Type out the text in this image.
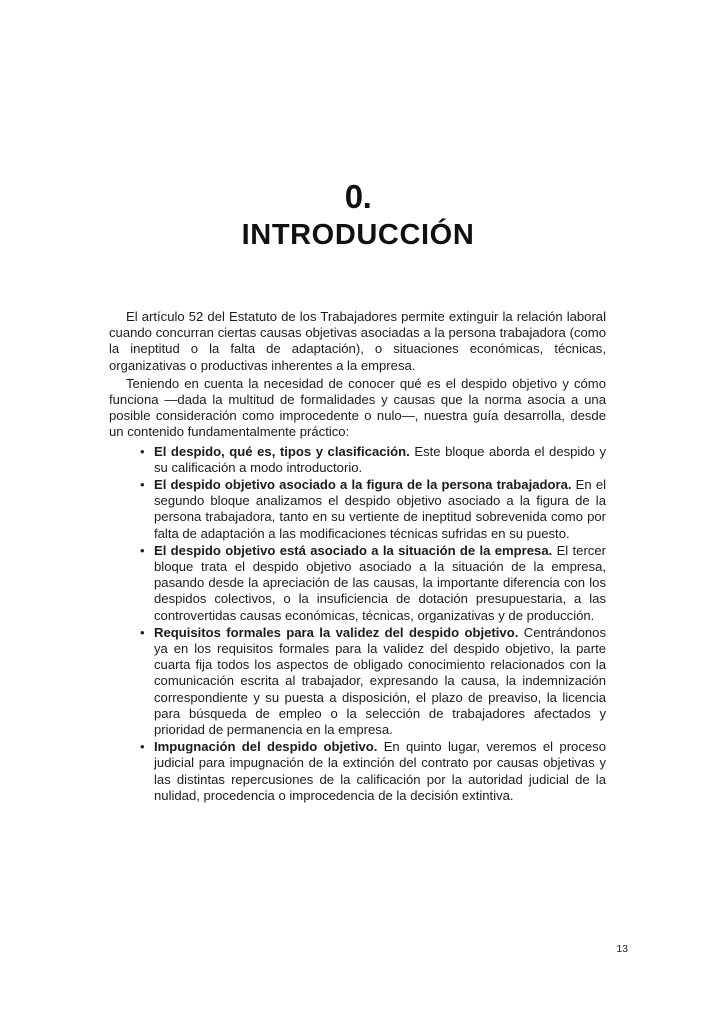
0.
INTRODUCCIÓN

El artículo 52 del Estatuto de los Trabajadores permite extinguir la relación laboral cuando concurran ciertas causas objetivas asociadas a la persona trabajadora (como la ineptitud o la falta de adaptación), o situaciones económicas, técnicas, organizativas o productivas inherentes a la empresa.

Teniendo en cuenta la necesidad de conocer qué es el despido objetivo y cómo funciona —dada la multitud de formalidades y causas que la norma asocia a una posible consideración como improcedente o nulo—, nuestra guía desarrolla, desde un contenido fundamentalmente práctico:

• El despido, qué es, tipos y clasificación. Este bloque aborda el despido y su calificación a modo introductorio.
• El despido objetivo asociado a la figura de la persona trabajadora. En el segundo bloque analizamos el despido objetivo asociado a la figura de la persona trabajadora, tanto en su vertiente de ineptitud sobrevenida como por falta de adaptación a las modificaciones técnicas sufridas en su puesto.
• El despido objetivo está asociado a la situación de la empresa. El tercer bloque trata el despido objetivo asociado a la situación de la empresa, pasando desde la apreciación de las causas, la importante diferencia con los despidos colectivos, o la insuficiencia de dotación presupuestaria, a las controvertidas causas económicas, técnicas, organizativas y de producción.
• Requisitos formales para la validez del despido objetivo. Centrándonos ya en los requisitos formales para la validez del despido objetivo, la parte cuarta fija todos los aspectos de obligado conocimiento relacionados con la comunicación escrita al trabajador, expresando la causa, la indemnización correspondiente y su puesta a disposición, el plazo de preaviso, la licencia para búsqueda de empleo o la selección de trabajadores afectados y prioridad de permanencia en la empresa.
• Impugnación del despido objetivo. En quinto lugar, veremos el proceso judicial para impugnación de la extinción del contrato por causas objetivas y las distintas repercusiones de la calificación por la autoridad judicial de la nulidad, procedencia o improcedencia de la decisión extintiva.
13
